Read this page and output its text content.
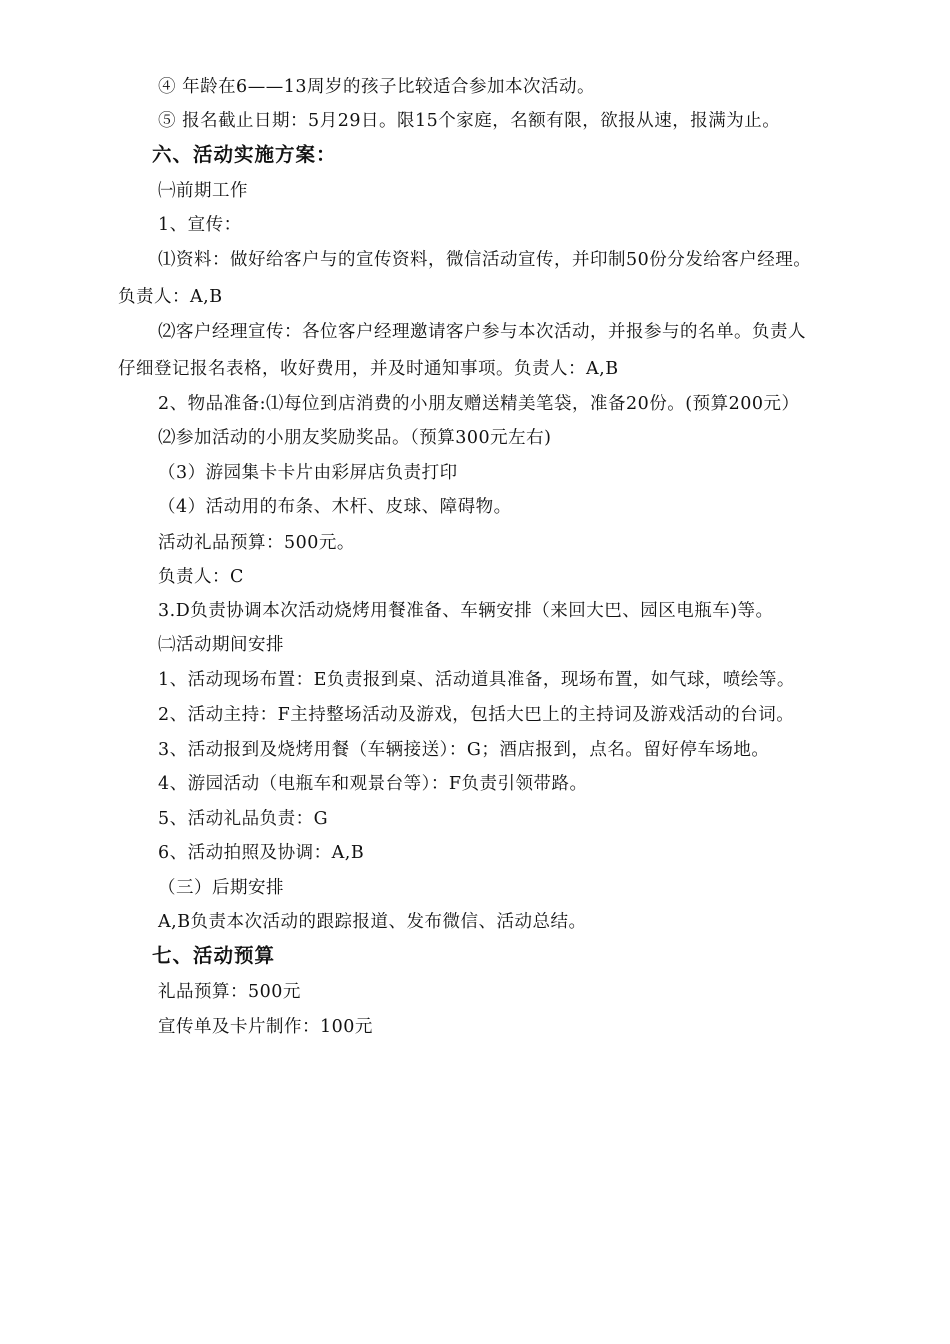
④ 年龄在6——13周岁的孩子比较适合参加本次活动。
⑤ 报名截止日期：5月29日。限15个家庭，名额有限，欲报从速，报满为止。
六、活动实施方案：
㈠前期工作
1、宣传：
⑴资料：做好给客户与的宣传资料，微信活动宣传，并印制50份分发给客户经理。
负责人：A,B
⑵客户经理宣传：各位客户经理邀请客户参与本次活动，并报参与的名单。负责人
仔细登记报名表格，收好费用，并及时通知事项。负责人：A,B
2、物品准备:⑴每位到店消费的小朋友赠送精美笔袋，准备20份。(预算200元）
⑵参加活动的小朋友奖励奖品。（预算300元左右)
（3）游园集卡卡片由彩屏店负责打印
（4）活动用的布条、木杆、皮球、障碍物。
活动礼品预算：500元。
负责人：C
3.D负责协调本次活动烧烤用餐准备、车辆安排（来回大巴、园区电瓶车)等。
㈡活动期间安排
1、活动现场布置：E负责报到桌、活动道具准备，现场布置，如气球，喷绘等。
2、活动主持：F主持整场活动及游戏，包括大巴上的主持词及游戏活动的台词。
3、活动报到及烧烤用餐（车辆接送）：G；酒店报到，点名。留好停车场地。
4、游园活动（电瓶车和观景台等）：F负责引领带路。
5、活动礼品负责：G
6、活动拍照及协调：A,B
（三）后期安排
A,B负责本次活动的跟踪报道、发布微信、活动总结。
七、活动预算
礼品预算：500元
宣传单及卡片制作：100元
